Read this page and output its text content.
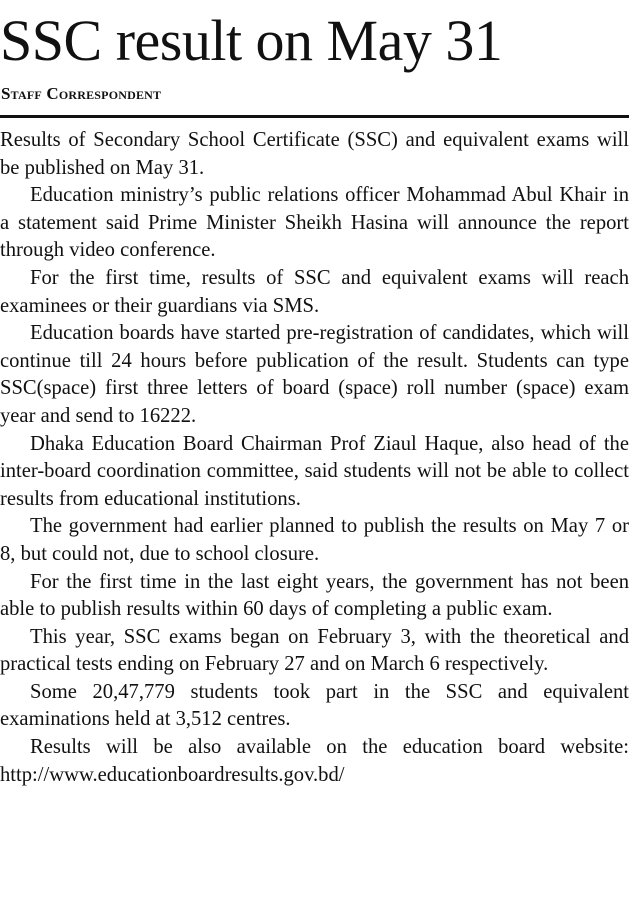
SSC result on May 31
Staff Correspondent

Results of Secondary School Certificate (SSC) and equivalent exams will be published on May 31.

Education ministry’s public relations officer Mohammad Abul Khair in a statement said Prime Minister Sheikh Hasina will announce the report through video conference.

For the first time, results of SSC and equivalent exams will reach examinees or their guardians via SMS.

Education boards have started pre-registration of candidates, which will continue till 24 hours before publication of the result. Students can type SSC(space) first three letters of board (space) roll number (space) exam year and send to 16222.

Dhaka Education Board Chairman Prof Ziaul Haque, also head of the inter-board coordination committee, said students will not be able to collect results from educational institutions.

The government had earlier planned to publish the results on May 7 or 8, but could not, due to school closure.

For the first time in the last eight years, the government has not been able to publish results within 60 days of completing a public exam.

This year, SSC exams began on February 3, with the theoretical and practical tests ending on February 27 and on March 6 respectively.

Some 20,47,779 students took part in the SSC and equivalent examinations held at 3,512 centres.

Results will be also available on the education board website: http://www.educationboardresults.gov.bd/
